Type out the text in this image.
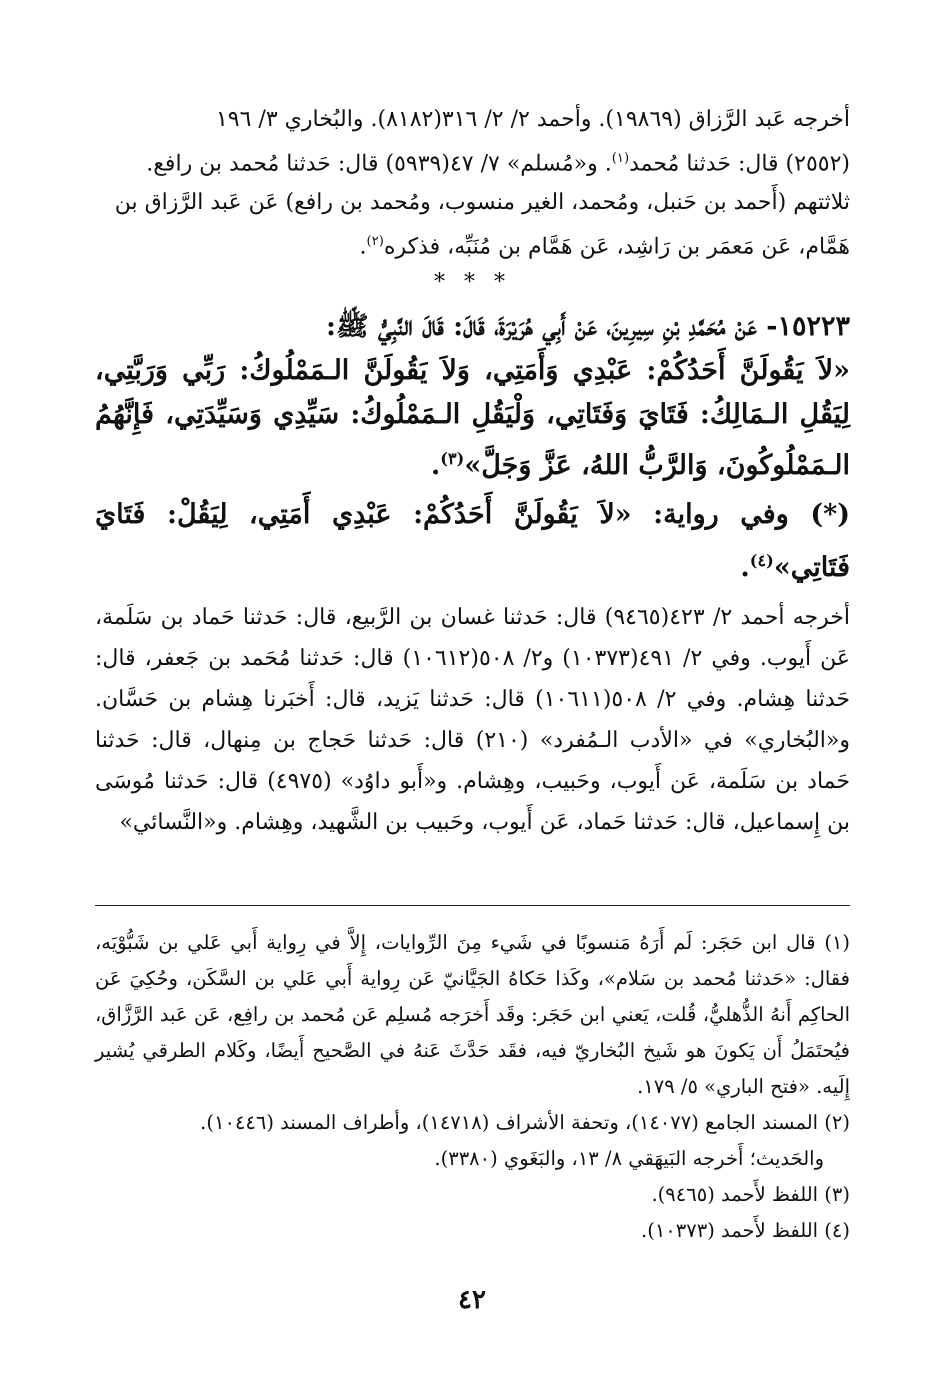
أخرجه عَبد الرَّزاق (١٩٨٦٩). وأحمد ٢/ ٢/ ٣١٦(٨١٨٢). والبُخاري ٣/ ١٩٦

(٢٥٥٢) قال: حَدثنا مُحمد$^{(١)}$. و«مُسلم» ٧/ ٤٧(٥٩٣٩) قال: حَدثنا مُحمد بن رافع.

ثلاثتهم (أَحمد بن حَنبل، ومُحمد، الغير منسوب، ومُحمد بن رافع) عَن عَبد الرَّزاق بن

هَمَّام، عَن مَعمَر بن رَاشِد، عَن هَمَّام بن مُنَبِّه، فذكره$^{(٢)}$.

* * *

١٥٢٢٣- عَنْ مُحَمَّدِ بْنِ سِيرِينَ، عَنْ أَبِي هُرَيْرَةَ، قَالَ: قَالَ النَّبِيُّ ﷺ:

«لاَ يَقُولَنَّ أَحَدُكُمْ: عَبْدِي وَأَمَتِي، وَلاَ يَقُولَنَّ الـمَمْلُوكُ: رَبِّي وَرَبَّتِي، لِيَقُلِ الـمَالِكُ: فَتَايَ وَفَتَاتِي، وَلْيَقُلِ الـمَمْلُوكُ: سَيِّدِي وَسَيِّدَتِي، فَإِنَّهُمُ الـمَمْلُوكُونَ، وَالرَّبُّ اللهُ، عَزَّ وَجَلَّ»$^{(٣)}$.

(*) وفي رواية: «لاَ يَقُولَنَّ أَحَدُكُمْ: عَبْدِي أَمَتِي، لِيَقُلْ: فَتَايَ فَتَاتِي»$^{(٤)}$.
أخرجه أحمد ٢/ ٤٢٣(٩٤٦٥) قال: حَدثنا غسان بن الرَّبيع، قال: حَدثنا حَماد بن سَلَمة، عَن أَيوب. وفي ٢/ ٤٩١(١٠٣٧٣) و٢/ ٥٠٨(١٠٦١٢) قال: حَدثنا مُحَمد بن جَعفر، قال: حَدثنا هِشام. وفي ٢/ ٥٠٨(١٠٦١١) قال: حَدثنا يَزيد، قال: أَخبَرنا هِشام بن حَسَّان. و«البُخاري» في «الأدب الـمُفرد» (٢١٠) قال: حَدثنا حَجاج بن مِنهال، قال: حَدثنا حَماد بن سَلَمة، عَن أَيوب، وحَبيب، وهِشام. و«أَبو داوُد» (٤٩٧٥) قال: حَدثنا مُوسَى بن إِسماعيل، قال: حَدثنا حَماد، عَن أَيوب، وحَبيب بن الشَّهيد، وهِشام. و«النَّسائي»

(١) قال ابن حَجَر: لَم أَرَهُ مَنسوبًا في شَيء مِنَ الرِّوايات، إِلاَّ في رِواية أَبي عَلي بن شَبُّوْيَه، فقال: «حَدثنا مُحمد بن سَلام»، وكَذا حَكاهُ الجَيَّانيّ عَن رِواية أَبي عَلي بن السَّكَن، وحُكِيَ عَن الحاكِم أَنهُ الذُّهليُّ، قُلت، يَعني ابن حَجَر: وقَد أَخرَجه مُسلِم عَن مُحمد بن رافِع، عَن عَبد الرَّزَّاق، فيُحتَمَلُ أَن يَكونَ هو شَيخ البُخاريّ فيه، فقَد حَدَّثَ عَنهُ في الصَّحيح أَيضًا، وكَلام الطرقي يُشير إِلَيه. «فتح الباري» ٥/ ١٧٩.

(٢) المسند الجامع (١٤٠٧٧)، وتحفة الأشراف (١٤٧١٨)، وأطراف المسند (١٠٤٤٦).
والحَديث؛ أَخرجه البَيهَقي ٨/ ١٣، والبَغَوي (٣٣٨٠).

(٣) اللفظ لأَحمد (٩٤٦٥).

(٤) اللفظ لأَحمد (١٠٣٧٣).

٤٢
